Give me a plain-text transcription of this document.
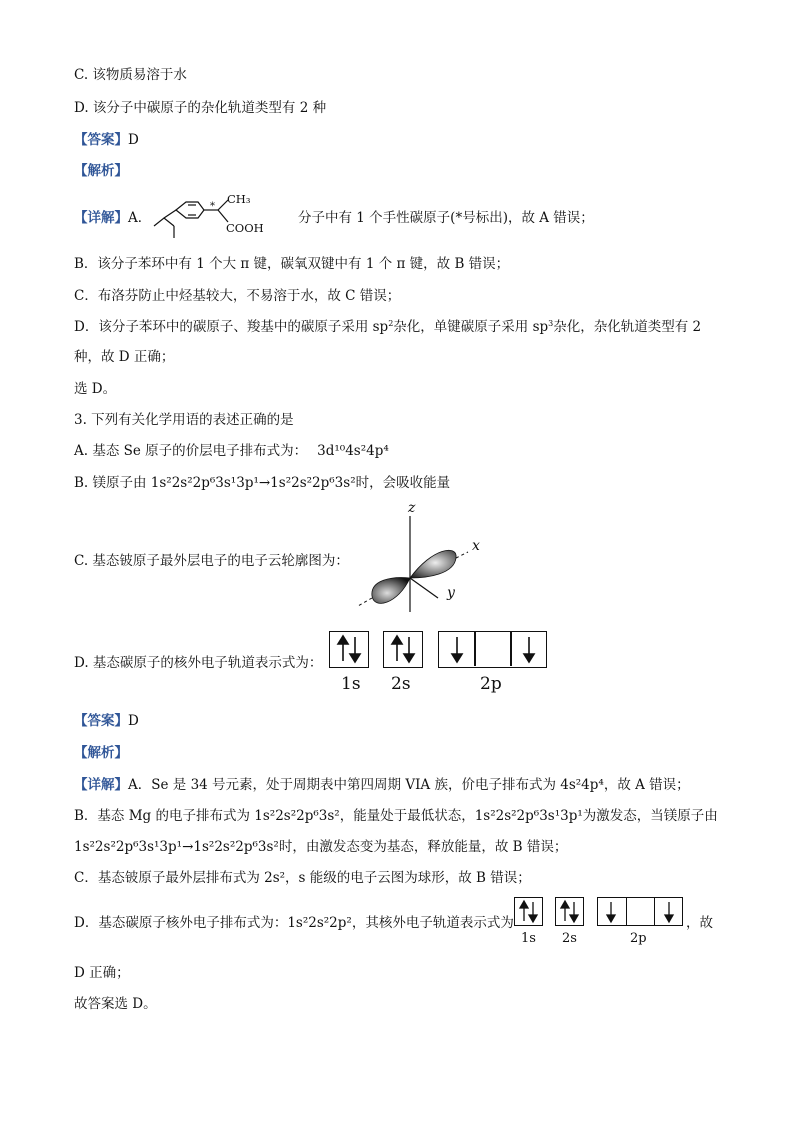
C. 该物质易溶于水
D. 该分子中碳原子的杂化轨道类型有 2 种
【答案】D
【解析】
【详解】A．
CH₃
COOH
*
分子中有 1 个手性碳原子(*号标出)，故 A 错误；
B．该分子苯环中有 1 个大 π 键，碳氧双键中有 1 个 π 键，故 B 错误；
C．布洛芬防止中烃基较大，不易溶于水，故 C 错误；
D．该分子苯环中的碳原子、羧基中的碳原子采用 $sp^2$杂化，单键碳原子采用 $sp^3$杂化，杂化轨道类型有 2
种，故 D 正确；
选 D。
3. 下列有关化学用语的表述正确的是
A. 基态 Se 原子的价层电子排布式为： 3d¹⁰4s²4p⁴
B. 镁原子由 1s²2s²2p⁶3s¹3p¹→1s²2s²2p⁶3s²时，会吸收能量
C. 基态铍原子最外层电子的电子云轮廓图为：
z
x
y
D. 基态碳原子的核外电子轨道表示式为：
1s 2s	2p
【答案】D
【解析】
【详解】A．Se 是 34 号元素，处于周期表中第四周期 VIA 族，价电子排布式为 4s²4p⁴，故 A 错误；
B．基态 Mg 的电子排布式为 1s²2s²2p⁶3s²，能量处于最低状态，1s²2s²2p⁶3s¹3p¹为激发态，当镁原子由
1s²2s²2p⁶3s¹3p¹→1s²2s²2p⁶3s²时，由激发态变为基态，释放能量，故 B 错误；
C．基态铍原子最外层排布式为 2s²，s 能级的电子云图为球形，故 B 错误；
D．基态碳原子核外电子排布式为：1s²2s²2p²，其核外电子轨道表示式为
1s 2s	2p
，故
D 正确；
故答案选 D。
